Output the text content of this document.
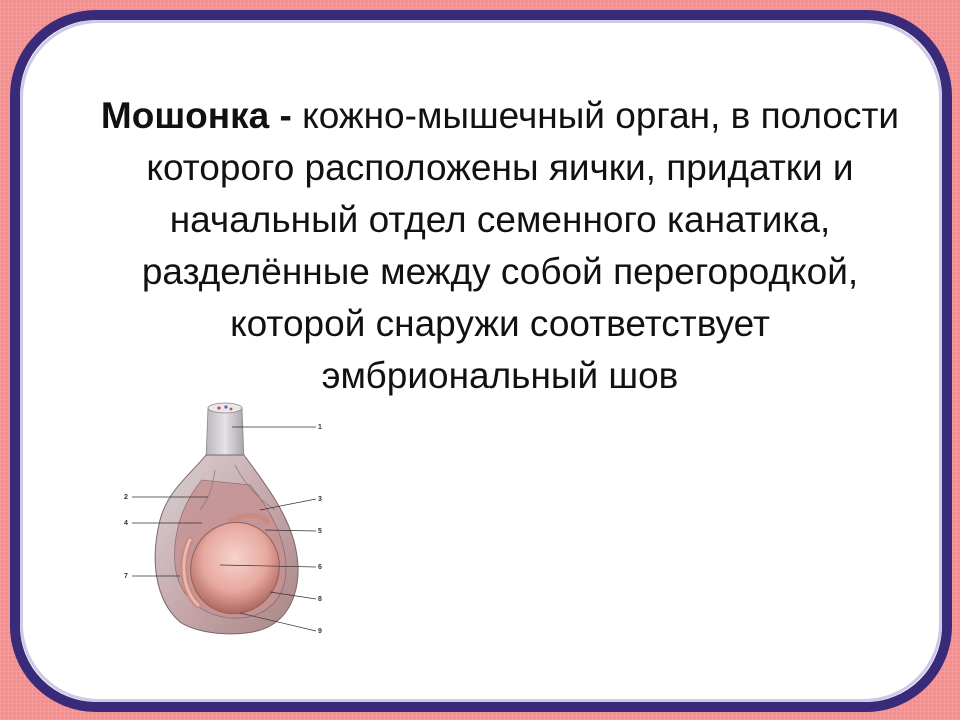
Мошонка - кожно-мышечный орган, в полости которого расположены яички, придатки и начальный отдел семенного канатика, разделённые между собой перегородкой, которой снаружи соответствует эмбриональный шов

1
2	3
4
5
6
7
8
9
